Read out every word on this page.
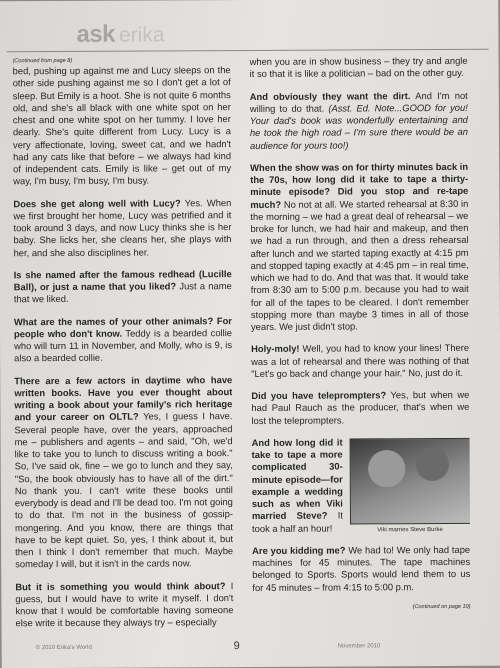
ask erika
(Continued from page 8)
bed, pushing up against me and Lucy sleeps on the other side pushing against me so I don't get a lot of sleep. But Emily is a hoot. She is not quite 6 months old, and she's all black with one white spot on her chest and one white spot on her tummy. I love her dearly. She's quite different from Lucy. Lucy is a very affectionate, loving, sweet cat, and we hadn't had any cats like that before – we always had kind of independent cats. Emily is like – get out of my way, I'm busy, I'm busy, I'm busy.
Does she get along well with Lucy? Yes. When we first brought her home, Lucy was petrified and it took around 3 days, and now Lucy thinks she is her baby. She licks her, she cleans her, she plays with her, and she also disciplines her.
Is she named after the famous redhead (Lucille Ball), or just a name that you liked? Just a name that we liked.
What are the names of your other animals? For people who don't know. Teddy is a bearded collie who will turn 11 in November, and Molly, who is 9, is also a bearded collie.
There are a few actors in daytime who have written books. Have you ever thought about writing a book about your family's rich heritage and your career on OLTL? Yes, I guess I have. Several people have, over the years, approached me – publishers and agents – and said, "Oh, we'd like to take you to lunch to discuss writing a book." So, I've said ok, fine – we go to lunch and they say, "So, the book obviously has to have all of the dirt." No thank you. I can't write these books until everybody is dead and I'll be dead too. I'm not going to do that. I'm not in the business of gossip-mongering. And you know, there are things that have to be kept quiet. So, yes, I think about it, but then I think I don't remember that much. Maybe someday I will, but it isn't in the cards now.
But it is something you would think about? I guess, but I would have to write it myself. I don't know that I would be comfortable having someone else write it because they always try – especially
when you are in show business – they try and angle it so that it is like a politician – bad on the other guy.
And obviously they want the dirt. And I'm not willing to do that. (Asst. Ed. Note...GOOD for you! Your dad's book was wonderfully entertaining and he took the high road – I'm sure there would be an audience for yours too!)
When the show was on for thirty minutes back in the 70s, how long did it take to tape a thirty-minute episode? Did you stop and re-tape much? No not at all. We started rehearsal at 8:30 in the morning – we had a great deal of rehearsal – we broke for lunch, we had hair and makeup, and then we had a run through, and then a dress rehearsal after lunch and we started taping exactly at 4:15 pm and stopped taping exactly at 4:45 pm – in real time, which we had to do. And that was that. It would take from 8:30 am to 5:00 p.m. because you had to wait for all of the tapes to be cleared. I don't remember stopping more than maybe 3 times in all of those years. We just didn't stop.
Holy-moly! Well, you had to know your lines! There was a lot of rehearsal and there was nothing of that "Let's go back and change your hair." No, just do it.
Did you have teleprompters? Yes, but when we had Paul Rauch as the producer, that's when we lost the teleprompters.
Viki marries Steve Burke
And how long did it take to tape a more complicated 30-minute episode—for example a wedding such as when Viki married Steve? It took a half an hour!
Are you kidding me? We had to! We only had tape machines for 45 minutes. The tape machines belonged to Sports. Sports would lend them to us for 45 minutes – from 4:15 to 5:00 p.m.
(Continued on page 10)
© 2010 Erika's World	9	November 2010
